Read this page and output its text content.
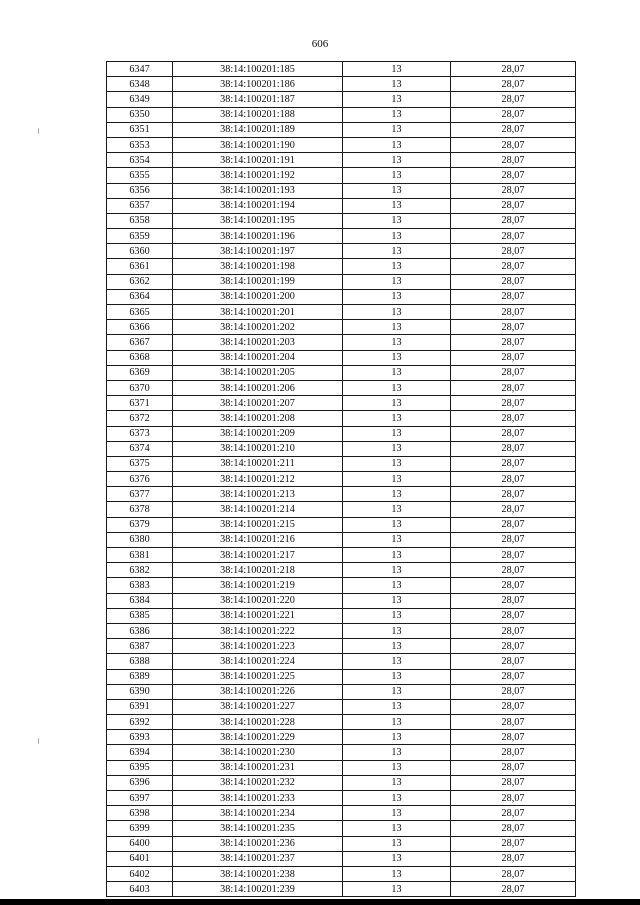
606
6347	38:14:100201:185	13	28,07
6348	38:14:100201:186	13	28,07
6349	38:14:100201:187	13	28,07
6350	38:14:100201:188	13	28,07
6351	38:14:100201:189	13	28,07
6353	38:14:100201:190	13	28,07
6354	38:14:100201:191	13	28,07
6355	38:14:100201:192	13	28,07
6356	38:14:100201:193	13	28,07
6357	38:14:100201:194	13	28,07
6358	38:14:100201:195	13	28,07
6359	38:14:100201:196	13	28,07
6360	38:14:100201:197	13	28,07
6361	38:14:100201:198	13	28,07
6362	38:14:100201:199	13	28,07
6364	38:14:100201:200	13	28,07
6365	38:14:100201:201	13	28,07
6366	38:14:100201:202	13	28,07
6367	38:14:100201:203	13	28,07
6368	38:14:100201:204	13	28,07
6369	38:14:100201:205	13	28,07
6370	38:14:100201:206	13	28,07
6371	38:14:100201:207	13	28,07
6372	38:14:100201:208	13	28,07
6373	38:14:100201:209	13	28,07
6374	38:14:100201:210	13	28,07
6375	38:14:100201:211	13	28,07
6376	38:14:100201:212	13	28,07
6377	38:14:100201:213	13	28,07
6378	38:14:100201:214	13	28,07
6379	38:14:100201:215	13	28,07
6380	38:14:100201:216	13	28,07
6381	38:14:100201:217	13	28,07
6382	38:14:100201:218	13	28,07
6383	38:14:100201:219	13	28,07
6384	38:14:100201:220	13	28,07
6385	38:14:100201:221	13	28,07
6386	38:14:100201:222	13	28,07
6387	38:14:100201:223	13	28,07
6388	38:14:100201:224	13	28,07
6389	38:14:100201:225	13	28,07
6390	38:14:100201:226	13	28,07
6391	38:14:100201:227	13	28,07
6392	38:14:100201:228	13	28,07
6393	38:14:100201:229	13	28,07
6394	38:14:100201:230	13	28,07
6395	38:14:100201:231	13	28,07
6396	38:14:100201:232	13	28,07
6397	38:14:100201:233	13	28,07
6398	38:14:100201:234	13	28,07
6399	38:14:100201:235	13	28,07
6400	38:14:100201:236	13	28,07
6401	38:14:100201:237	13	28,07
6402	38:14:100201:238	13	28,07
6403	38:14:100201:239	13	28,07
